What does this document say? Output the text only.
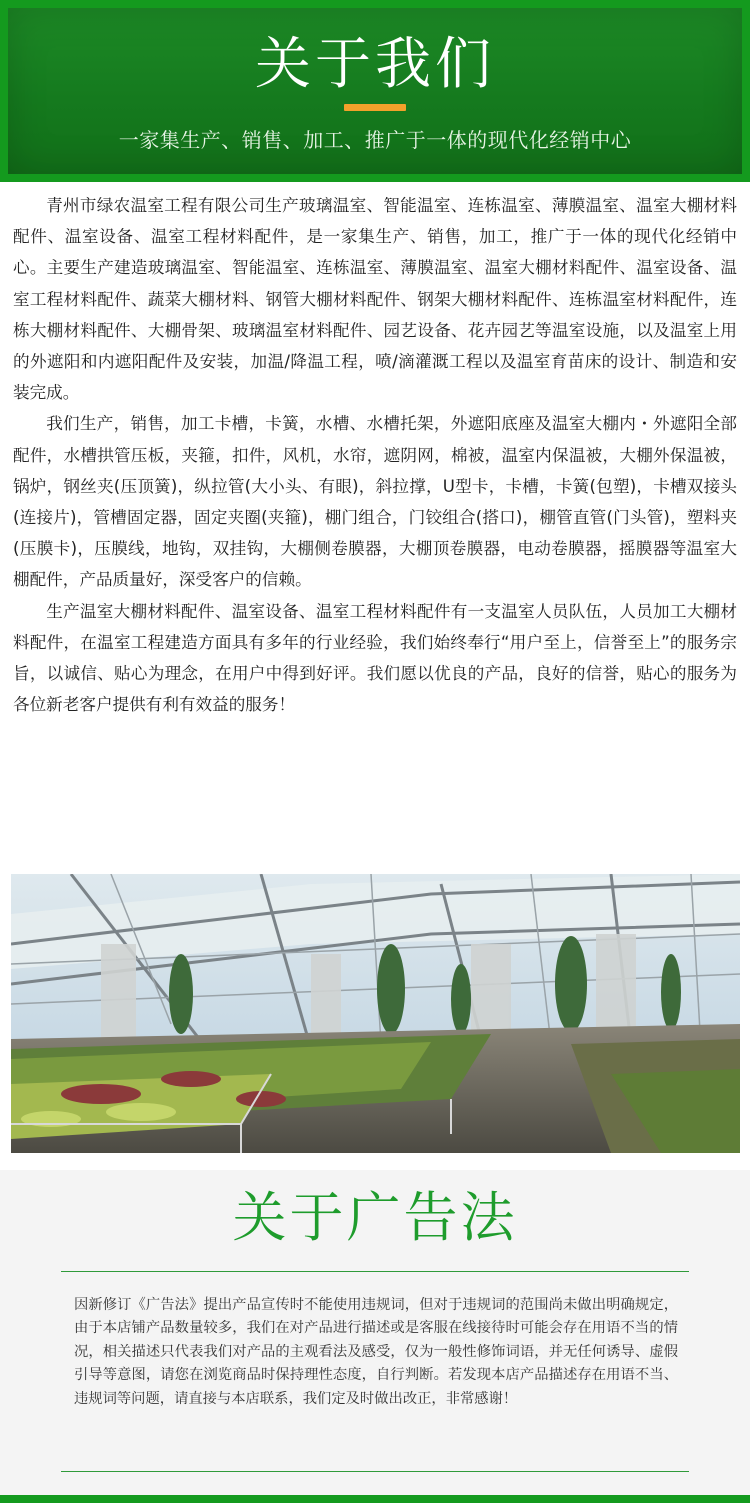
关于我们
一家集生产、销售、加工、推广于一体的现代化经销中心

青州市绿农温室工程有限公司生产玻璃温室、智能温室、连栋温室、薄膜温室、温室大棚材料配件、温室设备、温室工程材料配件，是一家集生产、销售，加工，推广于一体的现代化经销中心。主要生产建造玻璃温室、智能温室、连栋温室、薄膜温室、温室大棚材料配件、温室设备、温室工程材料配件、蔬菜大棚材料、钢管大棚材料配件、钢架大棚材料配件、连栋温室材料配件，连栋大棚材料配件、大棚骨架、玻璃温室材料配件、园艺设备、花卉园艺等温室设施，以及温室上用的外遮阳和内遮阳配件及安装，加温/降温工程，喷/滴灌溉工程以及温室育苗床的设计、制造和安装完成。

我们生产，销售，加工卡槽，卡簧，水槽、水槽托架，外遮阳底座及温室大棚内・外遮阳全部配件，水槽拱管压板，夹箍，扣件，风机，水帘，遮阴网，棉被，温室内保温被，大棚外保温被，锅炉，钢丝夹(压顶簧)，纵拉管(大小头、有眼)，斜拉撑，U型卡，卡槽，卡簧(包塑)，卡槽双接头(连接片)，管槽固定器，固定夹圈(夹箍)，棚门组合，门铰组合(搭口)，棚管直管(门头管)，塑料夹(压膜卡)，压膜线，地钩，双挂钩，大棚侧卷膜器，大棚顶卷膜器，电动卷膜器，摇膜器等温室大棚配件，产品质量好，深受客户的信赖。

生产温室大棚材料配件、温室设备、温室工程材料配件有一支温室人员队伍，人员加工大棚材料配件，在温室工程建造方面具有多年的行业经验，我们始终奉行“用户至上，信誉至上”的服务宗旨，以诚信、贴心为理念，在用户中得到好评。我们愿以优良的产品，良好的信誉，贴心的服务为各位新老客户提供有利有效益的服务！

关于广告法
因新修订《广告法》提出产品宣传时不能使用违规词，但对于违规词的范围尚未做出明确规定，由于本店铺产品数量较多，我们在对产品进行描述或是客服在线接待时可能会存在用语不当的情况，相关描述只代表我们对产品的主观看法及感受，仅为一般性修饰词语，并无任何诱导、虚假引导等意图，请您在浏览商品时保持理性态度，自行判断。若发现本店产品描述存在用语不当、违规词等问题，请直接与本店联系，我们定及时做出改正，非常感谢！
